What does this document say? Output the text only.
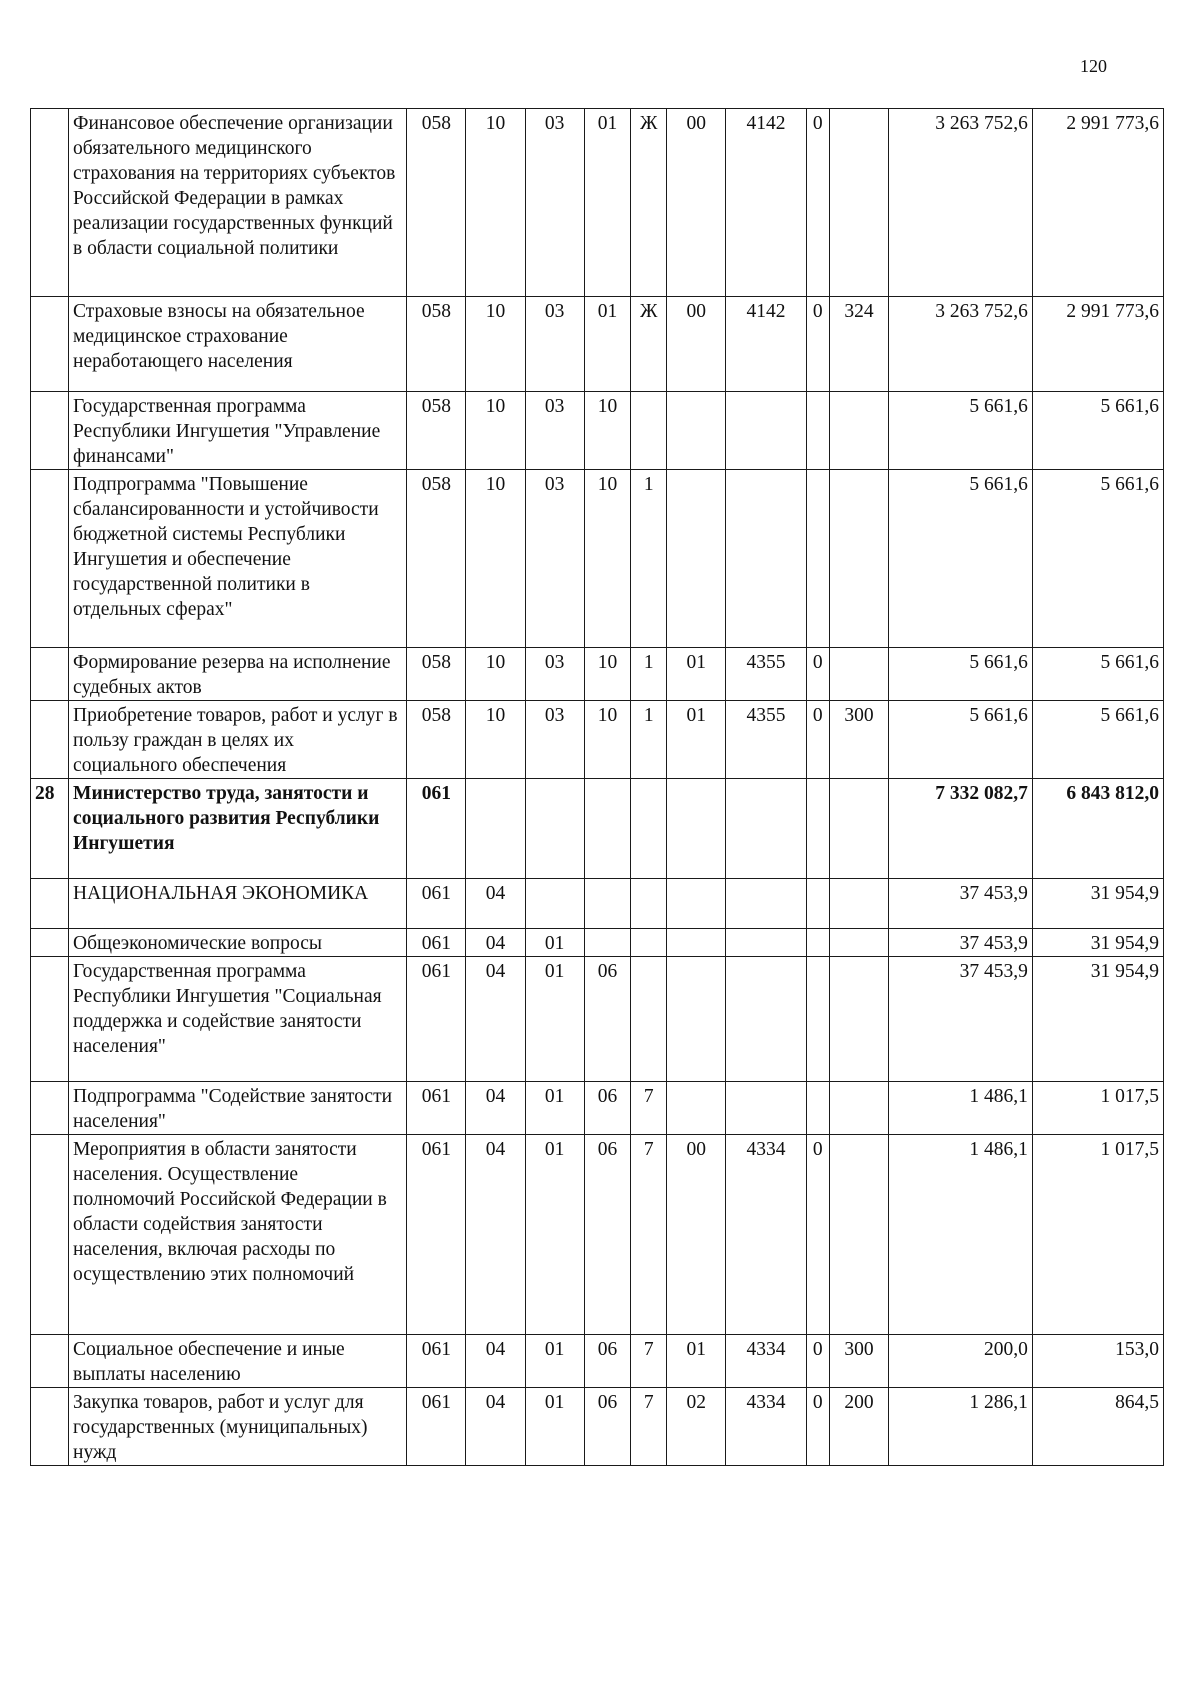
120
	Финансовое обеспечение организации обязательного медицинского страхования на территориях субъектов Российской Федерации в рамках реализации государственных функций в области социальной политики	058	10	03	01	Ж	00	4142	0		3 263 752,6	2 991 773,6
	Страховые взносы на обязательное медицинское страхование неработающего населения	058	10	03	01	Ж	00	4142	0	324	3 263 752,6	2 991 773,6
	Государственная программа Республики Ингушетия "Управление финансами"	058	10	03	10						5 661,6	5 661,6
	Подпрограмма "Повышение сбалансированности и устойчивости бюджетной системы Республики Ингушетия и обеспечение государственной политики в отдельных сферах"	058	10	03	10	1					5 661,6	5 661,6
	Формирование резерва на исполнение судебных актов	058	10	03	10	1	01	4355	0		5 661,6	5 661,6
	Приобретение товаров, работ и услуг в пользу граждан в целях их социального обеспечения	058	10	03	10	1	01	4355	0	300	5 661,6	5 661,6
28	Министерство труда, занятости и социального развития Республики Ингушетия	061									7 332 082,7	6 843 812,0
	НАЦИОНАЛЬНАЯ ЭКОНОМИКА	061	04								37 453,9	31 954,9
	Общеэкономические вопросы	061	04	01							37 453,9	31 954,9
	Государственная программа Республики Ингушетия "Социальная поддержка и содействие занятости населения"	061	04	01	06						37 453,9	31 954,9
	Подпрограмма "Содействие занятости населения"	061	04	01	06	7					1 486,1	1 017,5
	Мероприятия в области занятости населения. Осуществление полномочий Российской Федерации в области содействия занятости населения, включая расходы по осуществлению этих полномочий	061	04	01	06	7	00	4334	0		1 486,1	1 017,5
	Социальное обеспечение и иные выплаты населению	061	04	01	06	7	01	4334	0	300	200,0	153,0
	Закупка товаров, работ и услуг для государственных (муниципальных) нужд	061	04	01	06	7	02	4334	0	200	1 286,1	864,5
